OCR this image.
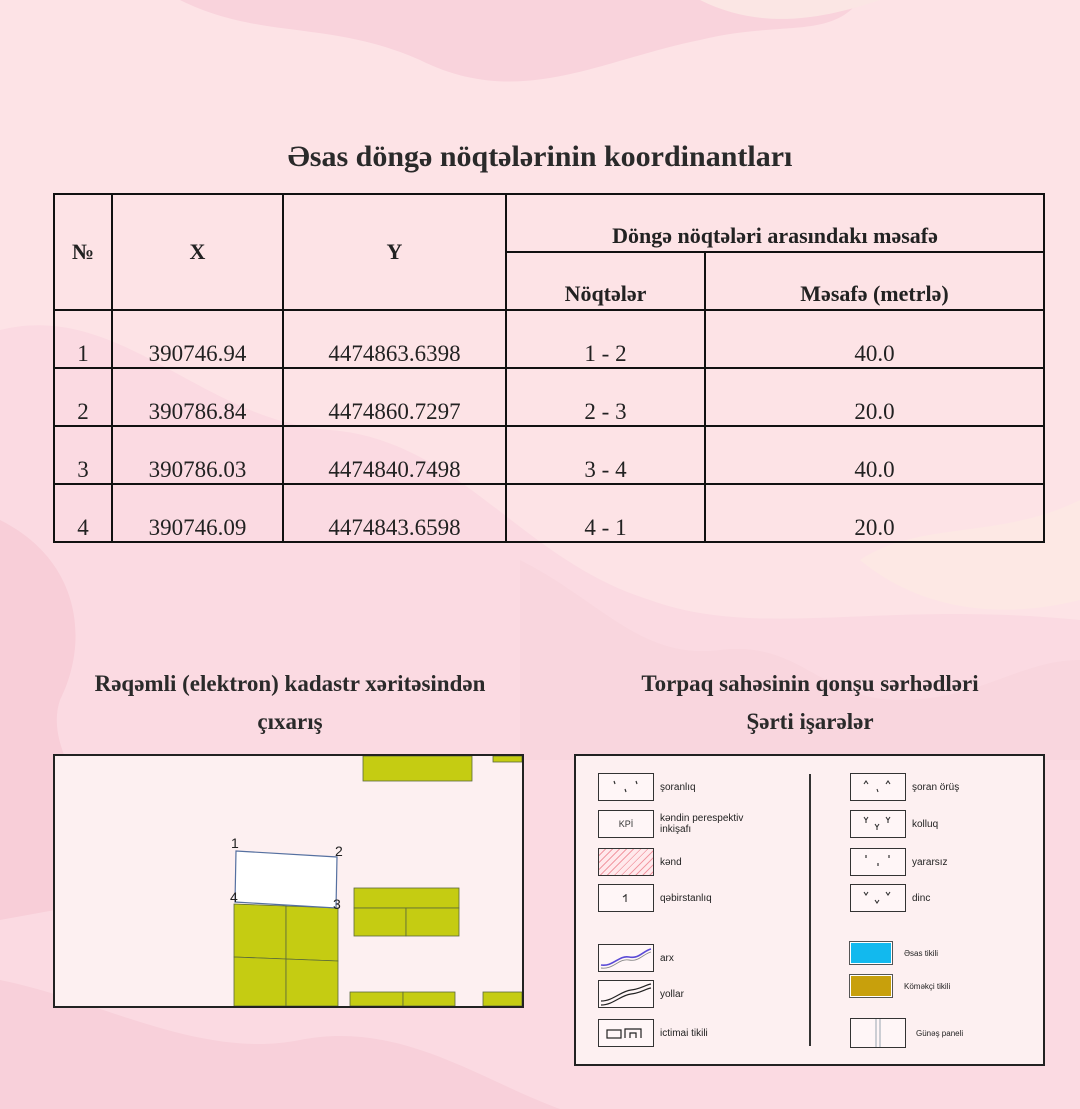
Əsas döngə nöqtələrinin koordinantları
№	X	Y	Döngə nöqtələri arasındakı məsafə	
			Nöqtələr	Məsafə (metrlə)
1	390746.94	4474863.6398	1 - 2	40.0
2	390786.84	4474860.7297	2 - 3	20.0
3	390786.03	4474840.7498	3 - 4	40.0
4	390746.09	4474843.6598	4 - 1	20.0
Rəqəmli (elektron) kadastr xəritəsindən
çıxarış
1	2
3
4
Torpaq sahəsinin qonşu sərhədləri
Şərti işarələr
şoranlıq
KPİ	kəndin perespektiv inkişafı
kənd
qəbirstanlıq
arx
yollar
ictimai tikili
şoran örüş
kolluq
yararsız
dinc
Əsas tikili
Köməkçi tikili
Günəş paneli
